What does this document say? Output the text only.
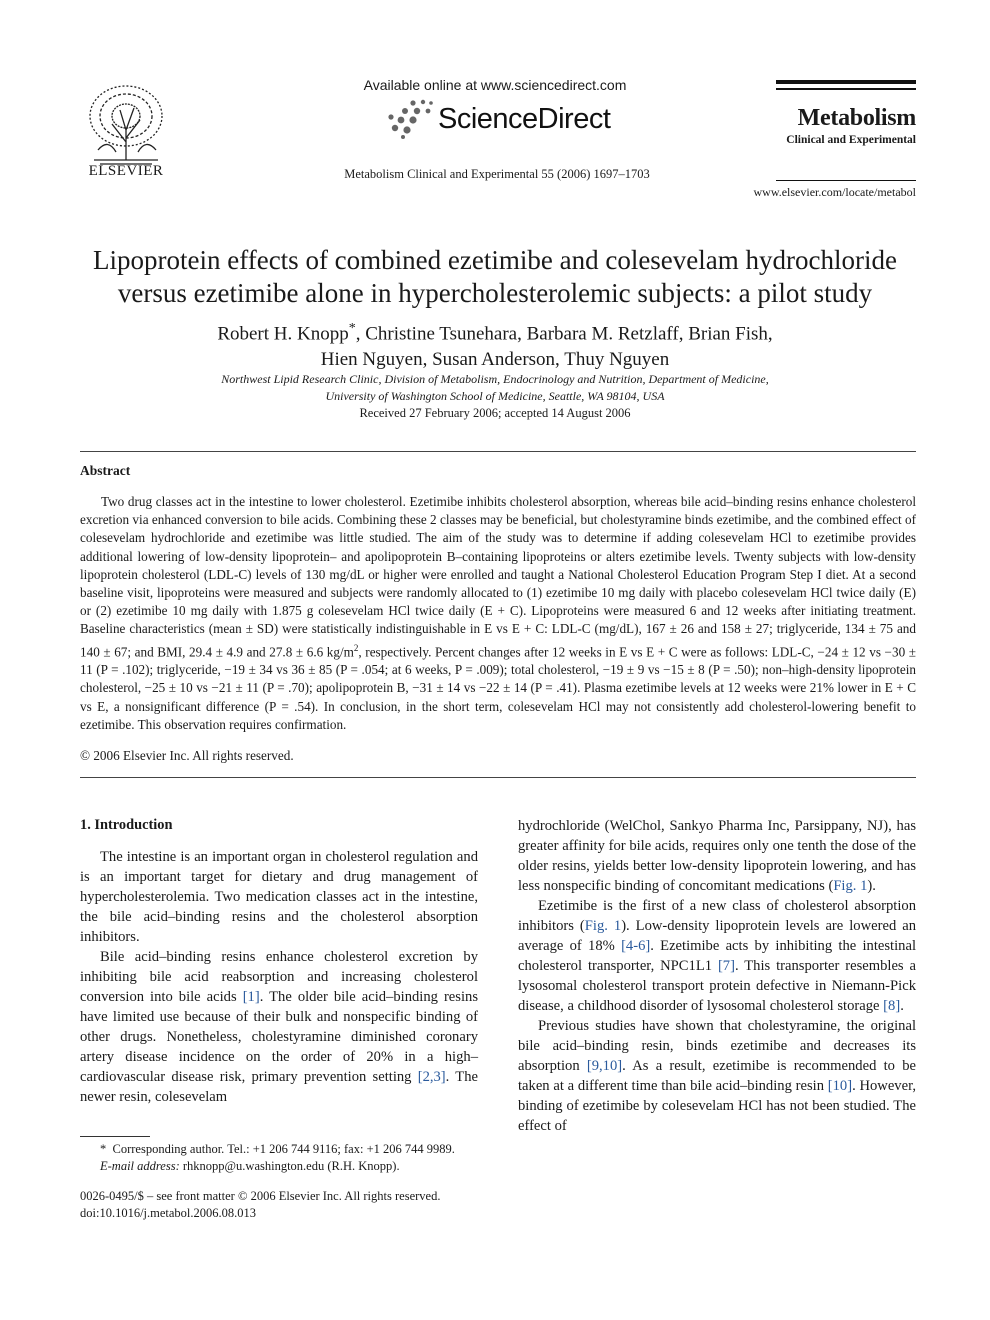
ELSEVIER
Available online at www.sciencedirect.com
ScienceDirect
Metabolism Clinical and Experimental 55 (2006) 1697–1703
Metabolism
Clinical and Experimental
www.elsevier.com/locate/metabol
Lipoprotein effects of combined ezetimibe and colesevelam hydrochloride versus ezetimibe alone in hypercholesterolemic subjects: a pilot study
Robert H. Knopp*, Christine Tsunehara, Barbara M. Retzlaff, Brian Fish,
Hien Nguyen, Susan Anderson, Thuy Nguyen
Northwest Lipid Research Clinic, Division of Metabolism, Endocrinology and Nutrition, Department of Medicine,
University of Washington School of Medicine, Seattle, WA 98104, USA
Received 27 February 2006; accepted 14 August 2006
Abstract
Two drug classes act in the intestine to lower cholesterol. Ezetimibe inhibits cholesterol absorption, whereas bile acid–binding resins enhance cholesterol excretion via enhanced conversion to bile acids. Combining these 2 classes may be beneficial, but cholestyramine binds ezetimibe, and the combined effect of colesevelam hydrochloride and ezetimibe was little studied. The aim of the study was to determine if adding colesevelam HCl to ezetimibe provides additional lowering of low-density lipoprotein– and apolipoprotein B–containing lipoproteins or alters ezetimibe levels. Twenty subjects with low-density lipoprotein cholesterol (LDL-C) levels of 130 mg/dL or higher were enrolled and taught a National Cholesterol Education Program Step I diet. At a second baseline visit, lipoproteins were measured and subjects were randomly allocated to (1) ezetimibe 10 mg daily with placebo colesevelam HCl twice daily (E) or (2) ezetimibe 10 mg daily with 1.875 g colesevelam HCl twice daily (E + C). Lipoproteins were measured 6 and 12 weeks after initiating treatment. Baseline characteristics (mean ± SD) were statistically indistinguishable in E vs E + C: LDL-C (mg/dL), 167 ± 26 and 158 ± 27; triglyceride, 134 ± 75 and 140 ± 67; and BMI, 29.4 ± 4.9 and 27.8 ± 6.6 $kg/m^2$, respectively. Percent changes after 12 weeks in E vs E + C were as follows: LDL-C, −24 ± 12 vs −30 ± 11 (P = .102); triglyceride, −19 ± 34 vs 36 ± 85 (P = .054; at 6 weeks, P = .009); total cholesterol, −19 ± 9 vs −15 ± 8 (P = .50); non–high-density lipoprotein cholesterol, −25 ± 10 vs −21 ± 11 (P = .70); apolipoprotein B, −31 ± 14 vs −22 ± 14 (P = .41). Plasma ezetimibe levels at 12 weeks were 21% lower in E + C vs E, a nonsignificant difference (P = .54). In conclusion, in the short term, colesevelam HCl may not consistently add cholesterol-lowering benefit to ezetimibe. This observation requires confirmation.
© 2006 Elsevier Inc. All rights reserved.
1. Introduction

The intestine is an important organ in cholesterol regulation and is an important target for dietary and drug management of hypercholesterolemia. Two medication classes act in the intestine, the bile acid–binding resins and the cholesterol absorption inhibitors.

Bile acid–binding resins enhance cholesterol excretion by inhibiting bile acid reabsorption and increasing cholesterol conversion into bile acids [1]. The older bile acid–binding resins have limited use because of their bulk and nonspecific binding of other drugs. Nonetheless, cholestyramine diminished coronary artery disease incidence on the order of 20% in a high–cardiovascular disease risk, primary prevention setting [2,3]. The newer resin, colesevelam

hydrochloride (WelChol, Sankyo Pharma Inc, Parsippany, NJ), has greater affinity for bile acids, requires only one tenth the dose of the older resins, yields better low-density lipoprotein lowering, and has less nonspecific binding of concomitant medications (Fig. 1).

Ezetimibe is the first of a new class of cholesterol absorption inhibitors (Fig. 1). Low-density lipoprotein levels are lowered an average of 18% [4-6]. Ezetimibe acts by inhibiting the intestinal cholesterol transporter, NPC1L1 [7]. This transporter resembles a lysosomal cholesterol transport protein defective in Niemann-Pick disease, a childhood disorder of lysosomal cholesterol storage [8].

Previous studies have shown that cholestyramine, the original bile acid–binding resin, binds ezetimibe and decreases its absorption [9,10]. As a result, ezetimibe is recommended to be taken at a different time than bile acid–binding resin [10]. However, binding of ezetimibe by colesevelam HCl has not been studied. The effect of

* Corresponding author. Tel.: +1 206 744 9116; fax: +1 206 744 9989.
E-mail address: rhknopp@u.washington.edu (R.H. Knopp).
0026-0495/$ – see front matter © 2006 Elsevier Inc. All rights reserved.
doi:10.1016/j.metabol.2006.08.013
